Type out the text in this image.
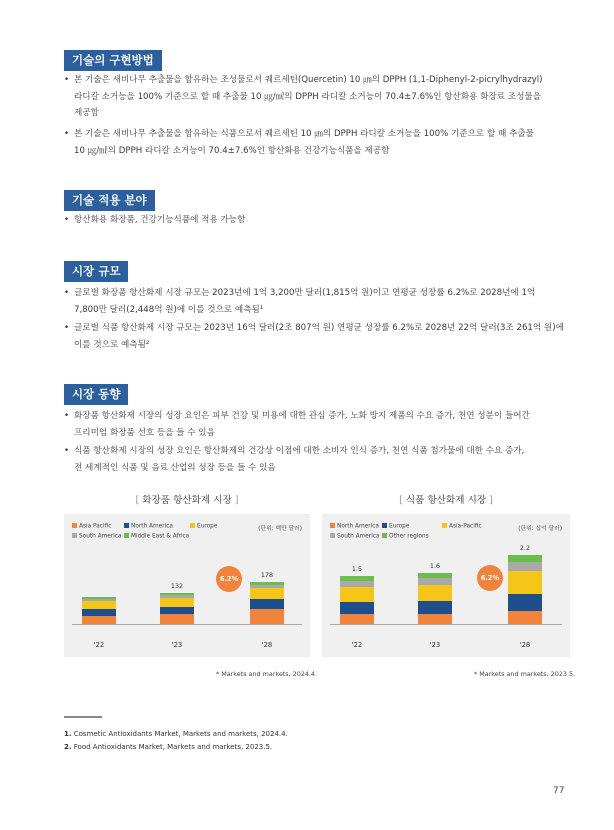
기술의 구현방법
• 본 기술은 새비나무 추출물을 함유하는 조성물로서 퀘르세틴(Quercetin) 10 ㎛의 DPPH (1,1-Diphenyl-2-picrylhydrazyl)
라디칼 소거능을 100% 기준으로 할 때 추출물 10 ㎍/㎖의 DPPH 라디칼 소거능이 70.4±7.6%인 항산화용 화장료 조성물을
제공함
• 본 기술은 새비나무 추출물을 함유하는 식품으로서 퀘르세틴 10 ㎛의 DPPH 라디칼 소거능을 100% 기준으로 할 때 추출물
10 ㎍/㎖의 DPPH 라디칼 소거능이 70.4±7.6%인 항산화용 건강기능식품을 제공함
기술 적용 분야
• 항산화용 화장품, 건강기능식품에 적용 가능함
시장 규모
• 글로벌 화장품 항산화제 시장 규모는 2023년에 1억 3,200만 달러(1,815억 원)이고 연평균 성장률 6.2%로 2028년에 1억
7,800만 달러(2,448억 원)에 이를 것으로 예측됨¹
• 글로벌 식품 항산화제 시장 규모는 2023년 16억 달러(2조 807억 원) 연평균 성장률 6.2%로 2028년 22억 달러(3조 261억 원)에
이를 것으로 예측됨²
시장 동향
• 화장품 항산화제 시장의 성장 요인은 피부 건강 및 미용에 대한 관심 증가, 노화 방지 제품의 수요 증가, 천연 성분이 들어간
프리미엄 화장품 선호 등을 들 수 있음
• 식품 항산화제 시장의 성장 요인은 항산화제의 건강상 이점에 대한 소비자 인식 증가, 천연 식품 첨가물에 대한 수요 증가,
전 세계적인 식품 및 음료 산업의 성장 등을 들 수 있음
[ 화장품 항산화제 시장 ]	[ 식품 항산화제 시장 ]
(단위: 백만 달러)
Asia Pacific	North America	Europe
South America	Middle East & Africa
'22
132
'23
178
'28
6.2%
(단위: 십억 달러)
North America	Europe	Asia-Pacific
South America	Other regions
1.5
'22
1.6
'23
2.2
'28
6.2%
* Markets and markets, 2024.4.	* Markets and markets, 2023.5.
1. Cosmetic Antioxidants Market, Markets and markets, 2024.4.
2. Food Antioxidants Market, Markets and markets, 2023.5.
77
